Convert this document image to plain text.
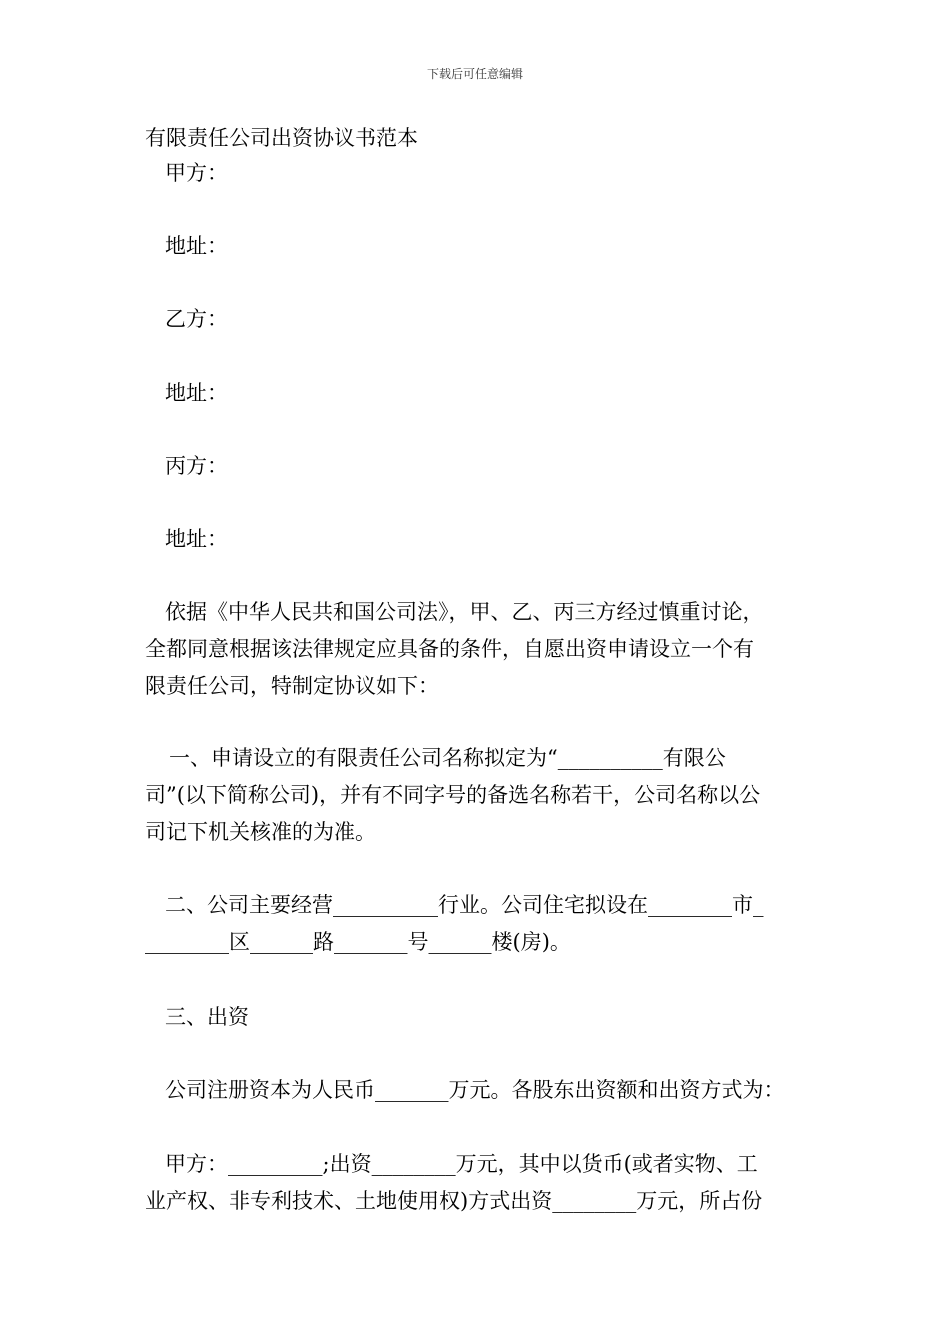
下载后可任意编辑
有限责任公司出资协议书范本
甲方：
地址：
乙方：
地址：
丙方：
地址：
依据《中华人民共和国公司法》，甲、乙、丙三方经过慎重讨论，
全都同意根据该法律规定应具备的条件，自愿出资申请设立一个有
限责任公司，特制定协议如下：
一、申请设立的有限责任公司名称拟定为“__________有限公
司”(以下简称公司)，并有不同字号的备选名称若干，公司名称以公
司记下机关核准的为准。
二、公司主要经营__________行业。公司住宅拟设在________市_
________区______路_______号______楼(房)。
三、出资
公司注册资本为人民币_______万元。各股东出资额和出资方式为：
甲方：_________;出资________万元，其中以货币(或者实物、工
业产权、非专利技术、土地使用权)方式出资________万元，所占份
